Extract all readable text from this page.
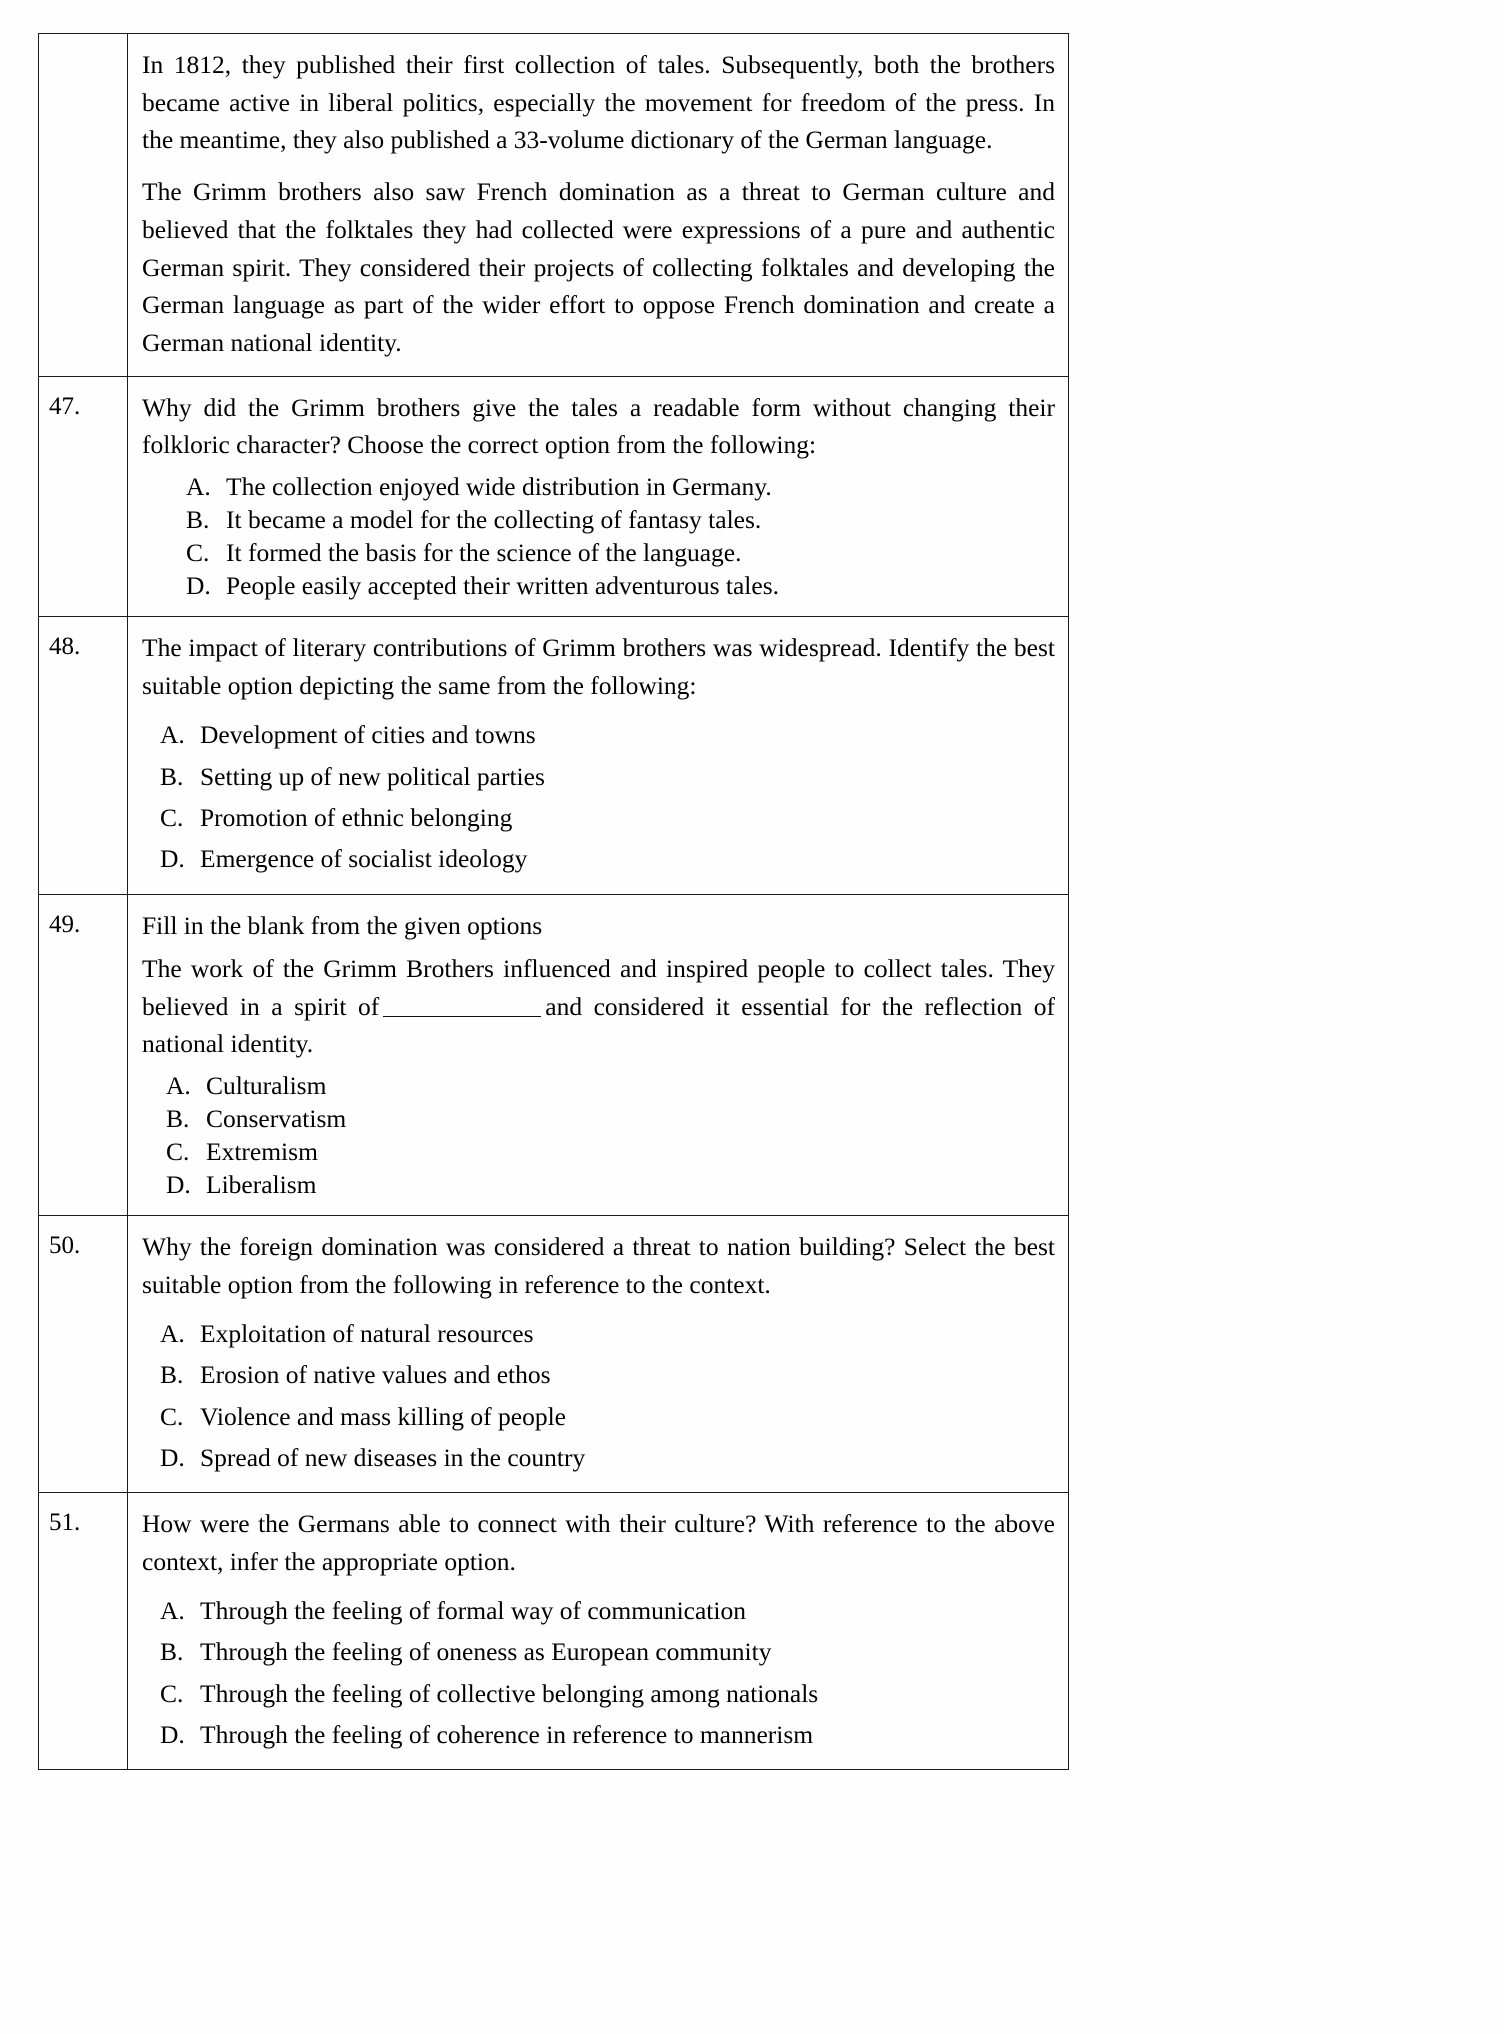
	In 1812, they published their first collection of tales. Subsequently, both the brothers became active in liberal politics, especially the movement for freedom of the press. In the meantime, they also published a 33-volume dictionary of the German language.

The Grimm brothers also saw French domination as a threat to German culture and believed that the folktales they had collected were expressions of a pure and authentic German spirit. They considered their projects of collecting folktales and developing the German language as part of the wider effort to oppose French domination and create a German national identity.

47.	Why did the Grimm brothers give the tales a readable form without changing their folkloric character? Choose the correct option from the following:

A. The collection enjoyed wide distribution in Germany.
B. It became a model for the collecting of fantasy tales.
C. It formed the basis for the science of the language.
D. People easily accepted their written adventurous tales.

48.	The impact of literary contributions of Grimm brothers was widespread. Identify the best suitable option depicting the same from the following:

A. Development of cities and towns
B. Setting up of new political parties
C. Promotion of ethnic belonging
D. Emergence of socialist ideology

49.	Fill in the blank from the given options

The work of the Grimm Brothers influenced and inspired people to collect tales. They believed in a spirit of	and considered it essential for the reflection of national identity.

A. Culturalism
B. Conservatism
C. Extremism
D. Liberalism

50.	Why the foreign domination was considered a threat to nation building? Select the best suitable option from the following in reference to the context.

A. Exploitation of natural resources
B. Erosion of native values and ethos
C. Violence and mass killing of people
D. Spread of new diseases in the country

51.	How were the Germans able to connect with their culture? With reference to the above context, infer the appropriate option.

A. Through the feeling of formal way of communication
B. Through the feeling of oneness as European community
C. Through the feeling of collective belonging among nationals
D. Through the feeling of coherence in reference to mannerism
